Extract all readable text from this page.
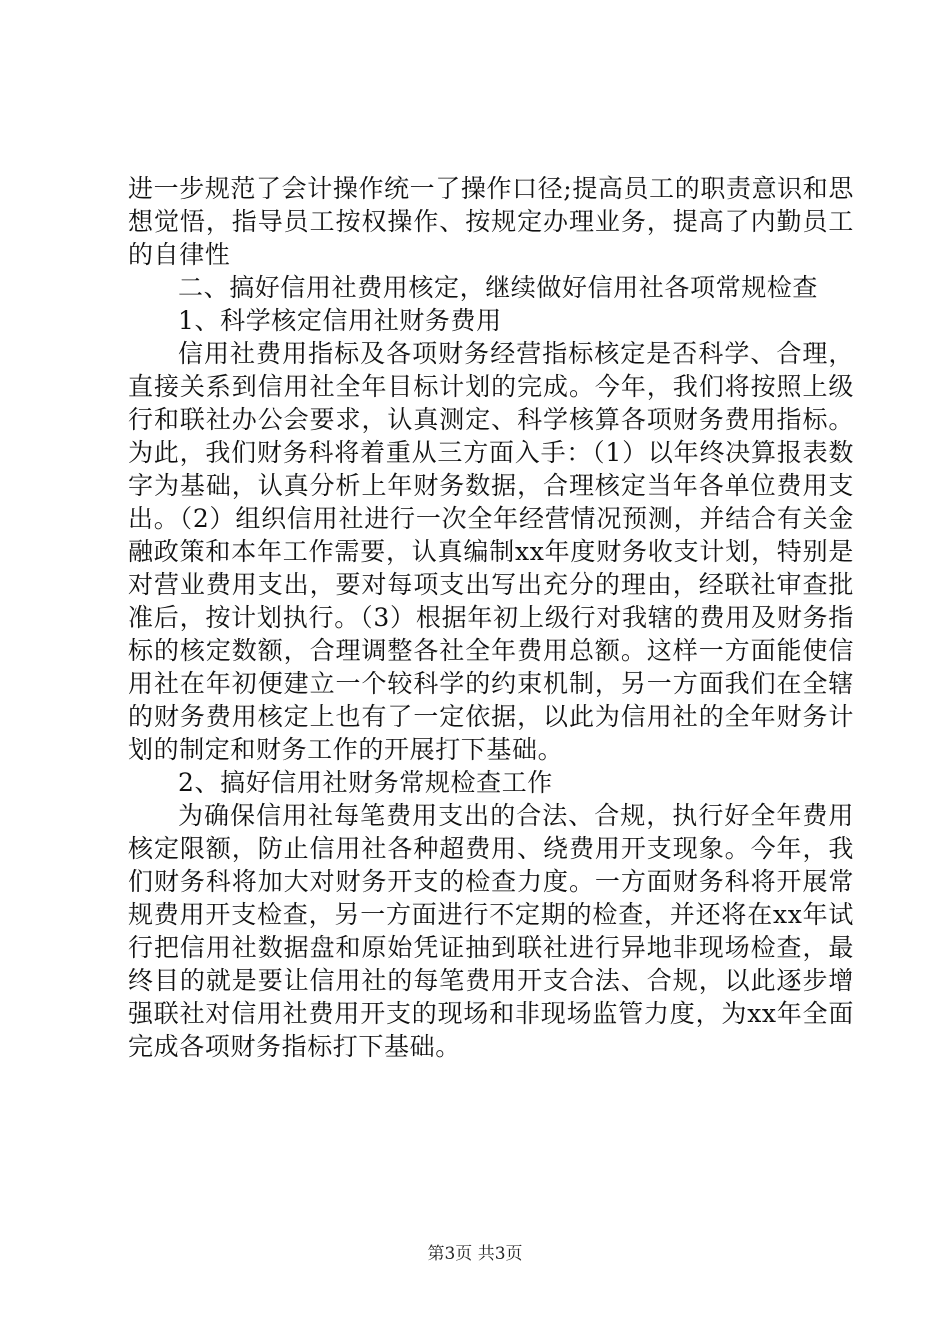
进一步规范了会计操作统一了操作口径;提高员工的职责意识和思想觉悟，指导员工按权操作、按规定办理业务，提高了内勤员工的自律性

二、搞好信用社费用核定，继续做好信用社各项常规检查

1、科学核定信用社财务费用

信用社费用指标及各项财务经营指标核定是否科学、合理，直接关系到信用社全年目标计划的完成。今年，我们将按照上级行和联社办公会要求，认真测定、科学核算各项财务费用指标。为此，我们财务科将着重从三方面入手：（1）以年终决算报表数字为基础，认真分析上年财务数据，合理核定当年各单位费用支出。（2）组织信用社进行一次全年经营情况预测，并结合有关金融政策和本年工作需要，认真编制xx年度财务收支计划，特别是对营业费用支出，要对每项支出写出充分的理由，经联社审查批准后，按计划执行。（3）根据年初上级行对我辖的费用及财务指标的核定数额，合理调整各社全年费用总额。这样一方面能使信用社在年初便建立一个较科学的约束机制，另一方面我们在全辖的财务费用核定上也有了一定依据，以此为信用社的全年财务计划的制定和财务工作的开展打下基础。

2、搞好信用社财务常规检查工作

为确保信用社每笔费用支出的合法、合规，执行好全年费用核定限额，防止信用社各种超费用、绕费用开支现象。今年，我们财务科将加大对财务开支的检查力度。一方面财务科将开展常规费用开支检查，另一方面进行不定期的检查，并还将在xx年试行把信用社数据盘和原始凭证抽到联社进行异地非现场检查，最终目的就是要让信用社的每笔费用开支合法、合规，以此逐步增强联社对信用社费用开支的现场和非现场监管力度，为xx年全面完成各项财务指标打下基础。

第3页 共3页
